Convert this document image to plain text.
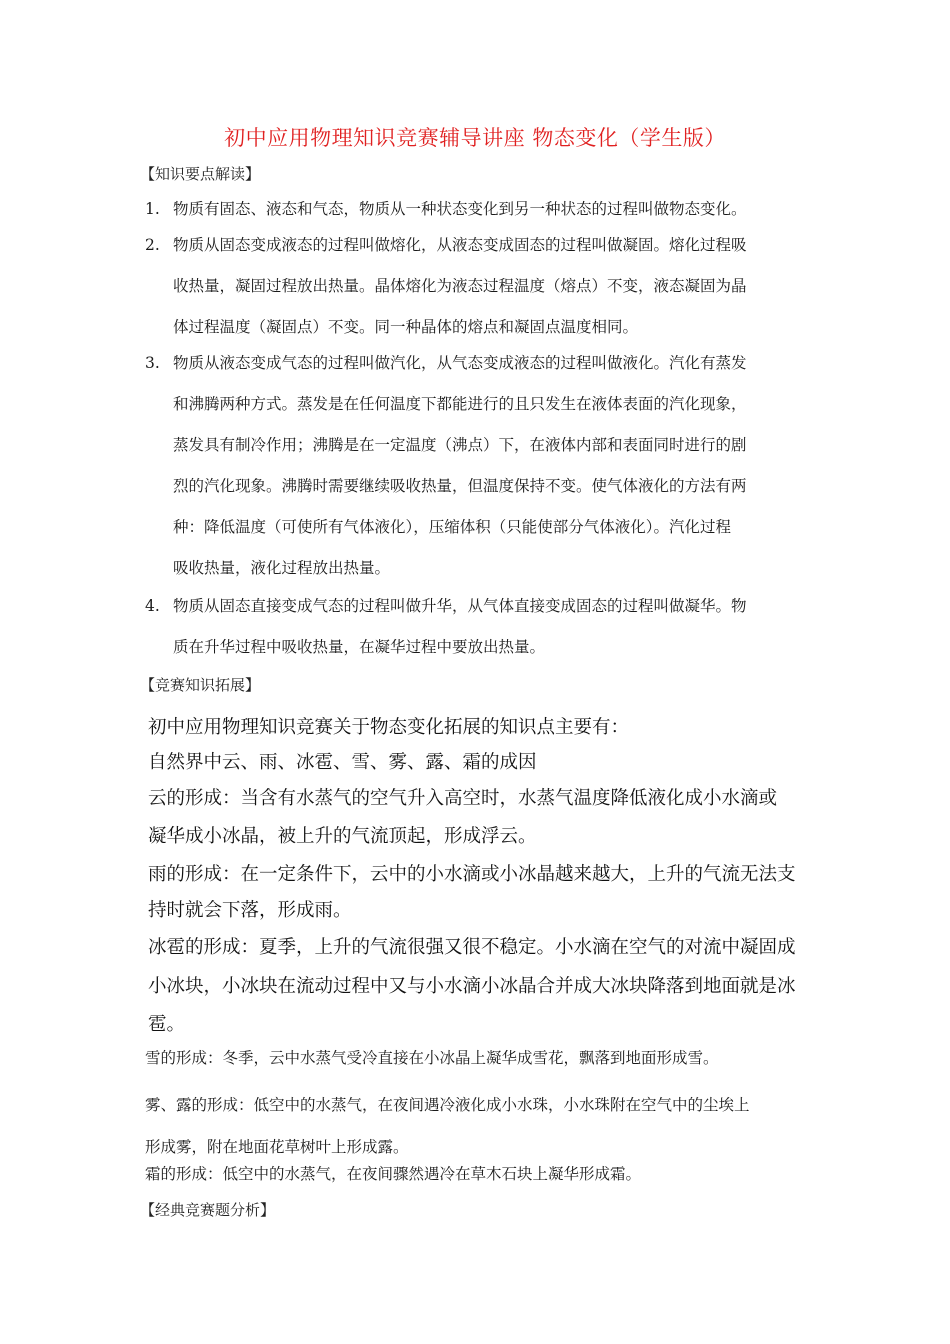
初中应用物理知识竞赛辅导讲座 物态变化（学生版）
【知识要点解读】
1. 物质有固态、液态和气态，物质从一种状态变化到另一种状态的过程叫做物态变化。
2. 物质从固态变成液态的过程叫做熔化，从液态变成固态的过程叫做凝固。熔化过程吸
收热量，凝固过程放出热量。晶体熔化为液态过程温度（熔点）不变，液态凝固为晶
体过程温度（凝固点）不变。同一种晶体的熔点和凝固点温度相同。
3. 物质从液态变成气态的过程叫做汽化，从气态变成液态的过程叫做液化。汽化有蒸发
和沸腾两种方式。蒸发是在任何温度下都能进行的且只发生在液体表面的汽化现象，
蒸发具有制冷作用；沸腾是在一定温度（沸点）下，在液体内部和表面同时进行的剧
烈的汽化现象。沸腾时需要继续吸收热量，但温度保持不变。使气体液化的方法有两
种：降低温度（可使所有气体液化），压缩体积（只能使部分气体液化）。汽化过程
吸收热量，液化过程放出热量。
4. 物质从固态直接变成气态的过程叫做升华，从气体直接变成固态的过程叫做凝华。物
质在升华过程中吸收热量，在凝华过程中要放出热量。
【竞赛知识拓展】
初中应用物理知识竞赛关于物态变化拓展的知识点主要有：
自然界中云、雨、冰雹、雪、雾、露、霜的成因
云的形成：当含有水蒸气的空气升入高空时，水蒸气温度降低液化成小水滴或
凝华成小冰晶，被上升的气流顶起，形成浮云。
雨的形成：在一定条件下，云中的小水滴或小冰晶越来越大，上升的气流无法支
持时就会下落，形成雨。
冰雹的形成：夏季，上升的气流很强又很不稳定。小水滴在空气的对流中凝固成
小冰块，小冰块在流动过程中又与小水滴小冰晶合并成大冰块降落到地面就是冰
雹。
雪的形成：冬季，云中水蒸气受冷直接在小冰晶上凝华成雪花，飘落到地面形成雪。
雾、露的形成：低空中的水蒸气，在夜间遇冷液化成小水珠，小水珠附在空气中的尘埃上
形成雾，附在地面花草树叶上形成露。
霜的形成：低空中的水蒸气，在夜间骤然遇冷在草木石块上凝华形成霜。
【经典竞赛题分析】
